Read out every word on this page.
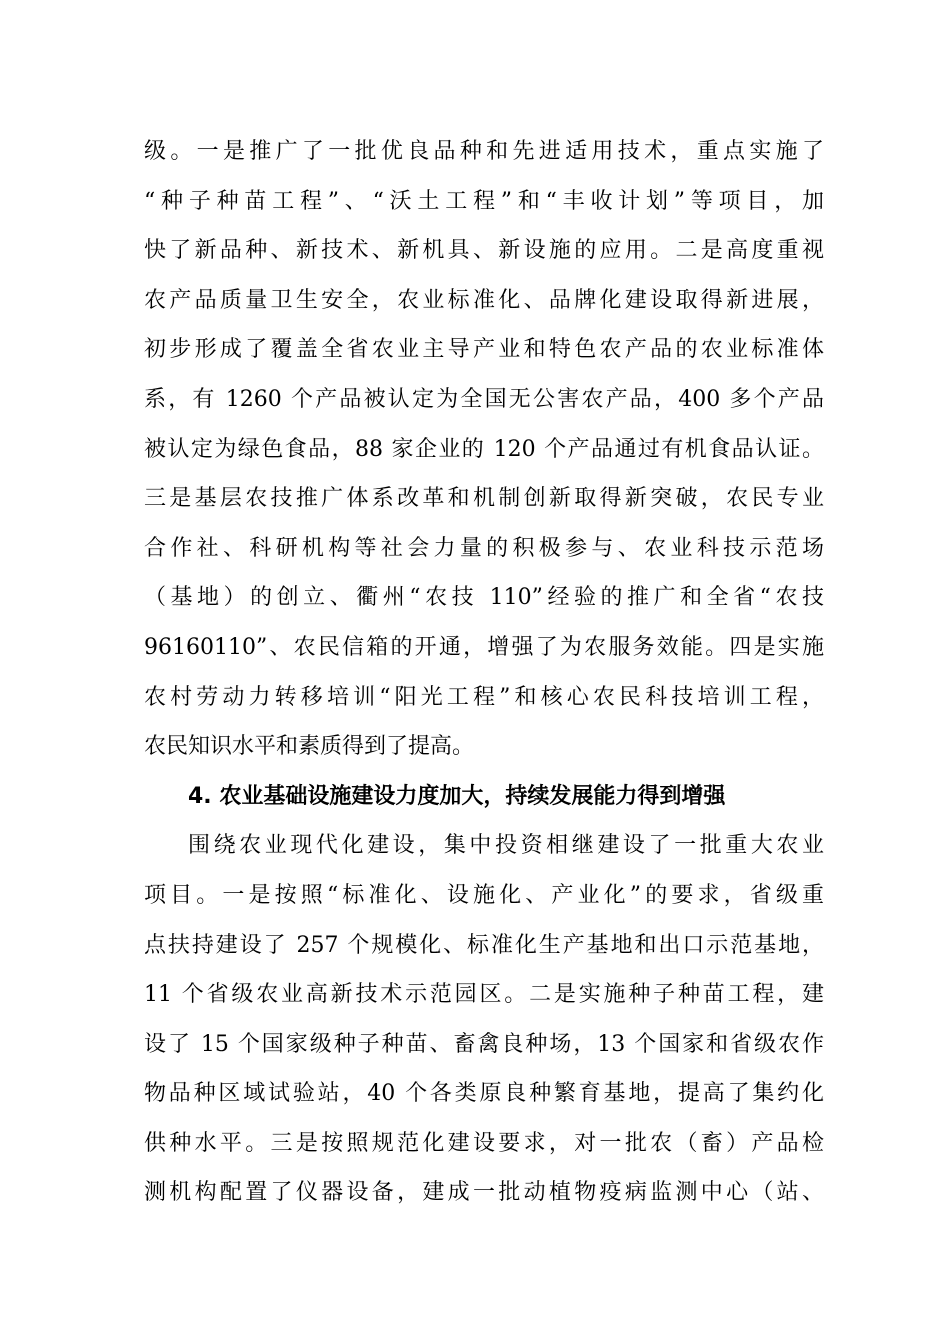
级。一是推广了一批优良品种和先进适用技术，重点实施了
“种子种苗工程”、“沃土工程”和“丰收计划”等项目，加
快了新品种、新技术、新机具、新设施的应用。二是高度重视
农产品质量卫生安全，农业标准化、品牌化建设取得新进展，
初步形成了覆盖全省农业主导产业和特色农产品的农业标准体
系，有 1260 个产品被认定为全国无公害农产品，400 多个产品
被认定为绿色食品，88 家企业的 120 个产品通过有机食品认证。
三是基层农技推广体系改革和机制创新取得新突破，农民专业
合作社、科研机构等社会力量的积极参与、农业科技示范场
（基地）的创立、衢州“农技 110”经验的推广和全省“农技
96160110”、农民信箱的开通，增强了为农服务效能。四是实施
农村劳动力转移培训“阳光工程”和核心农民科技培训工程，
农民知识水平和素质得到了提高。
4. 农业基础设施建设力度加大，持续发展能力得到增强
围绕农业现代化建设，集中投资相继建设了一批重大农业
项目。一是按照“标准化、设施化、产业化”的要求，省级重
点扶持建设了 257 个规模化、标准化生产基地和出口示范基地，
11 个省级农业高新技术示范园区。二是实施种子种苗工程，建
设了 15 个国家级种子种苗、畜禽良种场，13 个国家和省级农作
物品种区域试验站，40 个各类原良种繁育基地，提高了集约化
供种水平。三是按照规范化建设要求，对一批农（畜）产品检
测机构配置了仪器设备，建成一批动植物疫病监测中心（站、
